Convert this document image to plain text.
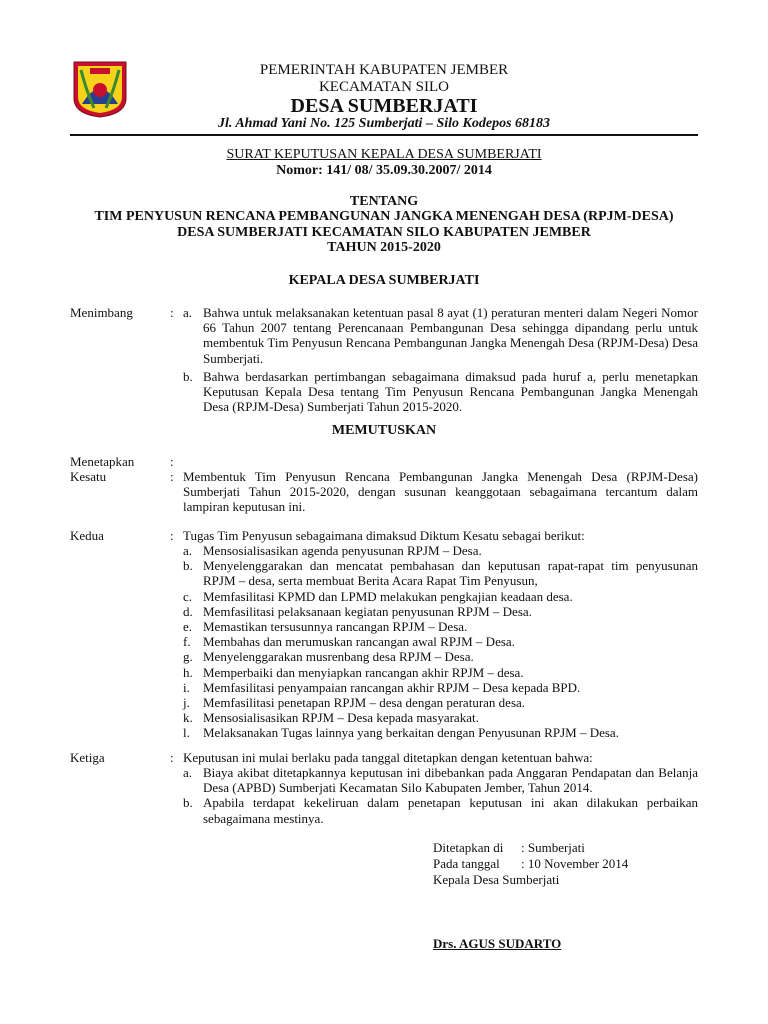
PEMERINTAH KABUPATEN JEMBER
KECAMATAN SILO
DESA SUMBERJATI
Jl. Ahmad Yani No. 125 Sumberjati – Silo Kodepos 68183
SURAT KEPUTUSAN KEPALA DESA SUMBERJATI
Nomor: 141/ 08/ 35.09.30.2007/ 2014
TENTANG
TIM PENYUSUN RENCANA PEMBANGUNAN JANGKA MENENGAH DESA (RPJM-DESA)
DESA SUMBERJATI KECAMATAN SILO KABUPATEN JEMBER
TAHUN 2015-2020
KEPALA DESA SUMBERJATI
Menimbang	: a. Bahwa untuk melaksanakan ketentuan pasal 8 ayat (1) peraturan menteri dalam Negeri Nomor 66 Tahun 2007 tentang Perencanaan Pembangunan Desa sehingga dipandang perlu untuk membentuk Tim Penyusun Rencana Pembangunan Jangka Menengah Desa (RPJM-Desa) Desa Sumberjati.
b. Bahwa berdasarkan pertimbangan sebagaimana dimaksud pada huruf a, perlu menetapkan Keputusan Kepala Desa tentang Tim Penyusun Rencana Pembangunan Jangka Menengah Desa (RPJM-Desa) Sumberjati Tahun 2015-2020.
MEMUTUSKAN
Menetapkan	:
Kesatu	: Membentuk Tim Penyusun Rencana Pembangunan Jangka Menengah Desa (RPJM-Desa) Sumberjati Tahun 2015-2020, dengan susunan keanggotaan sebagaimana tercantum dalam lampiran keputusan ini.
Kedua	: Tugas Tim Penyusun sebagaimana dimaksud Diktum Kesatu sebagai berikut:
a. Mensosialisasikan agenda penyusunan RPJM – Desa.
b. Menyelenggarakan dan mencatat pembahasan dan keputusan rapat-rapat tim penyusunan RPJM – desa, serta membuat Berita Acara Rapat Tim Penyusun,
c. Memfasilitasi KPMD dan LPMD melakukan pengkajian keadaan desa.
d. Memfasilitasi pelaksanaan kegiatan penyusunan RPJM – Desa.
e. Memastikan tersusunnya rancangan RPJM – Desa.
f. Membahas dan merumuskan rancangan awal RPJM – Desa.
g. Menyelenggarakan musrenbang desa RPJM – Desa.
h. Memperbaiki dan menyiapkan rancangan akhir RPJM – desa.
i. Memfasilitasi penyampaian rancangan akhir RPJM – Desa kepada BPD.
j. Memfasilitasi penetapan RPJM – desa dengan peraturan desa.
k. Mensosialisasikan RPJM – Desa kepada masyarakat.
l. Melaksanakan Tugas lainnya yang berkaitan dengan Penyusunan RPJM – Desa.
Ketiga	: Keputusan ini mulai berlaku pada tanggal ditetapkan dengan ketentuan bahwa:
a. Biaya akibat ditetapkannya keputusan ini dibebankan pada Anggaran Pendapatan dan Belanja Desa (APBD) Sumberjati Kecamatan Silo Kabupaten Jember, Tahun 2014.
b. Apabila terdapat kekeliruan dalam penetapan keputusan ini akan dilakukan perbaikan sebagaimana mestinya.
Ditetapkan di : Sumberjati
Pada tanggal : 10 November 2014
Kepala Desa Sumberjati
Drs. AGUS SUDARTO
